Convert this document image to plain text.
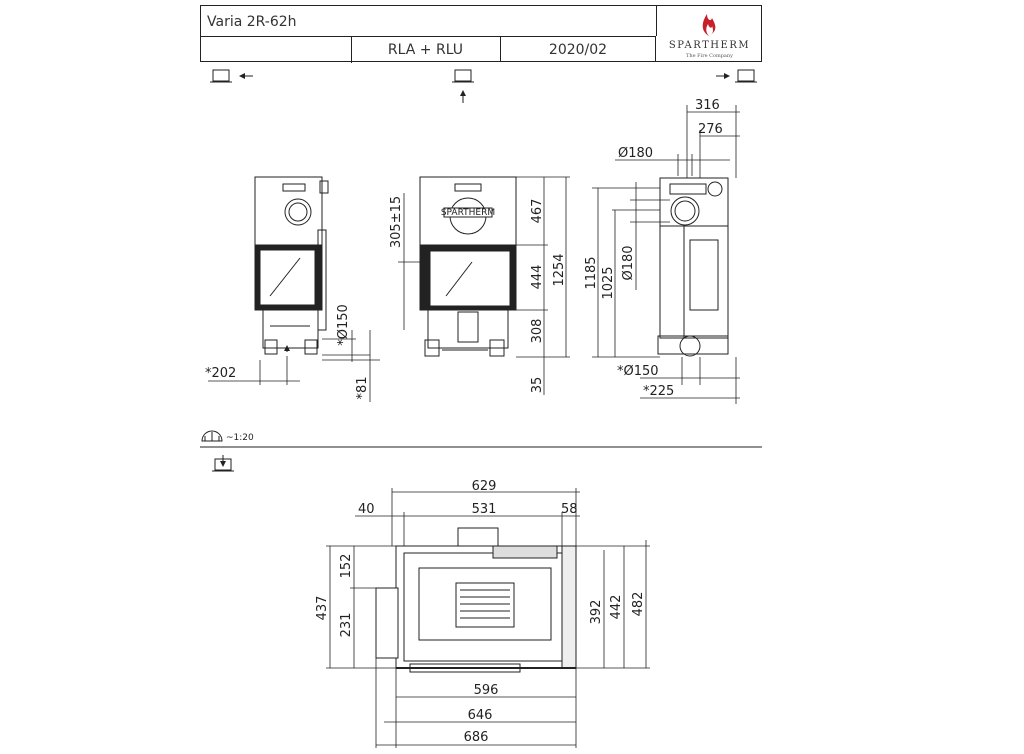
Varia 2R-62h
RLA + RLU	2020/02	SPARTHERM
The Fire Company
*Ø150
*202
*81
SPARTHERM
305±15	467
444
308
1254
35
316
276
Ø180
1185 1025
Ø180
*Ø150
*225
~1:20
629
40	531	58
152
437
231
392 442 482
596
646
686
